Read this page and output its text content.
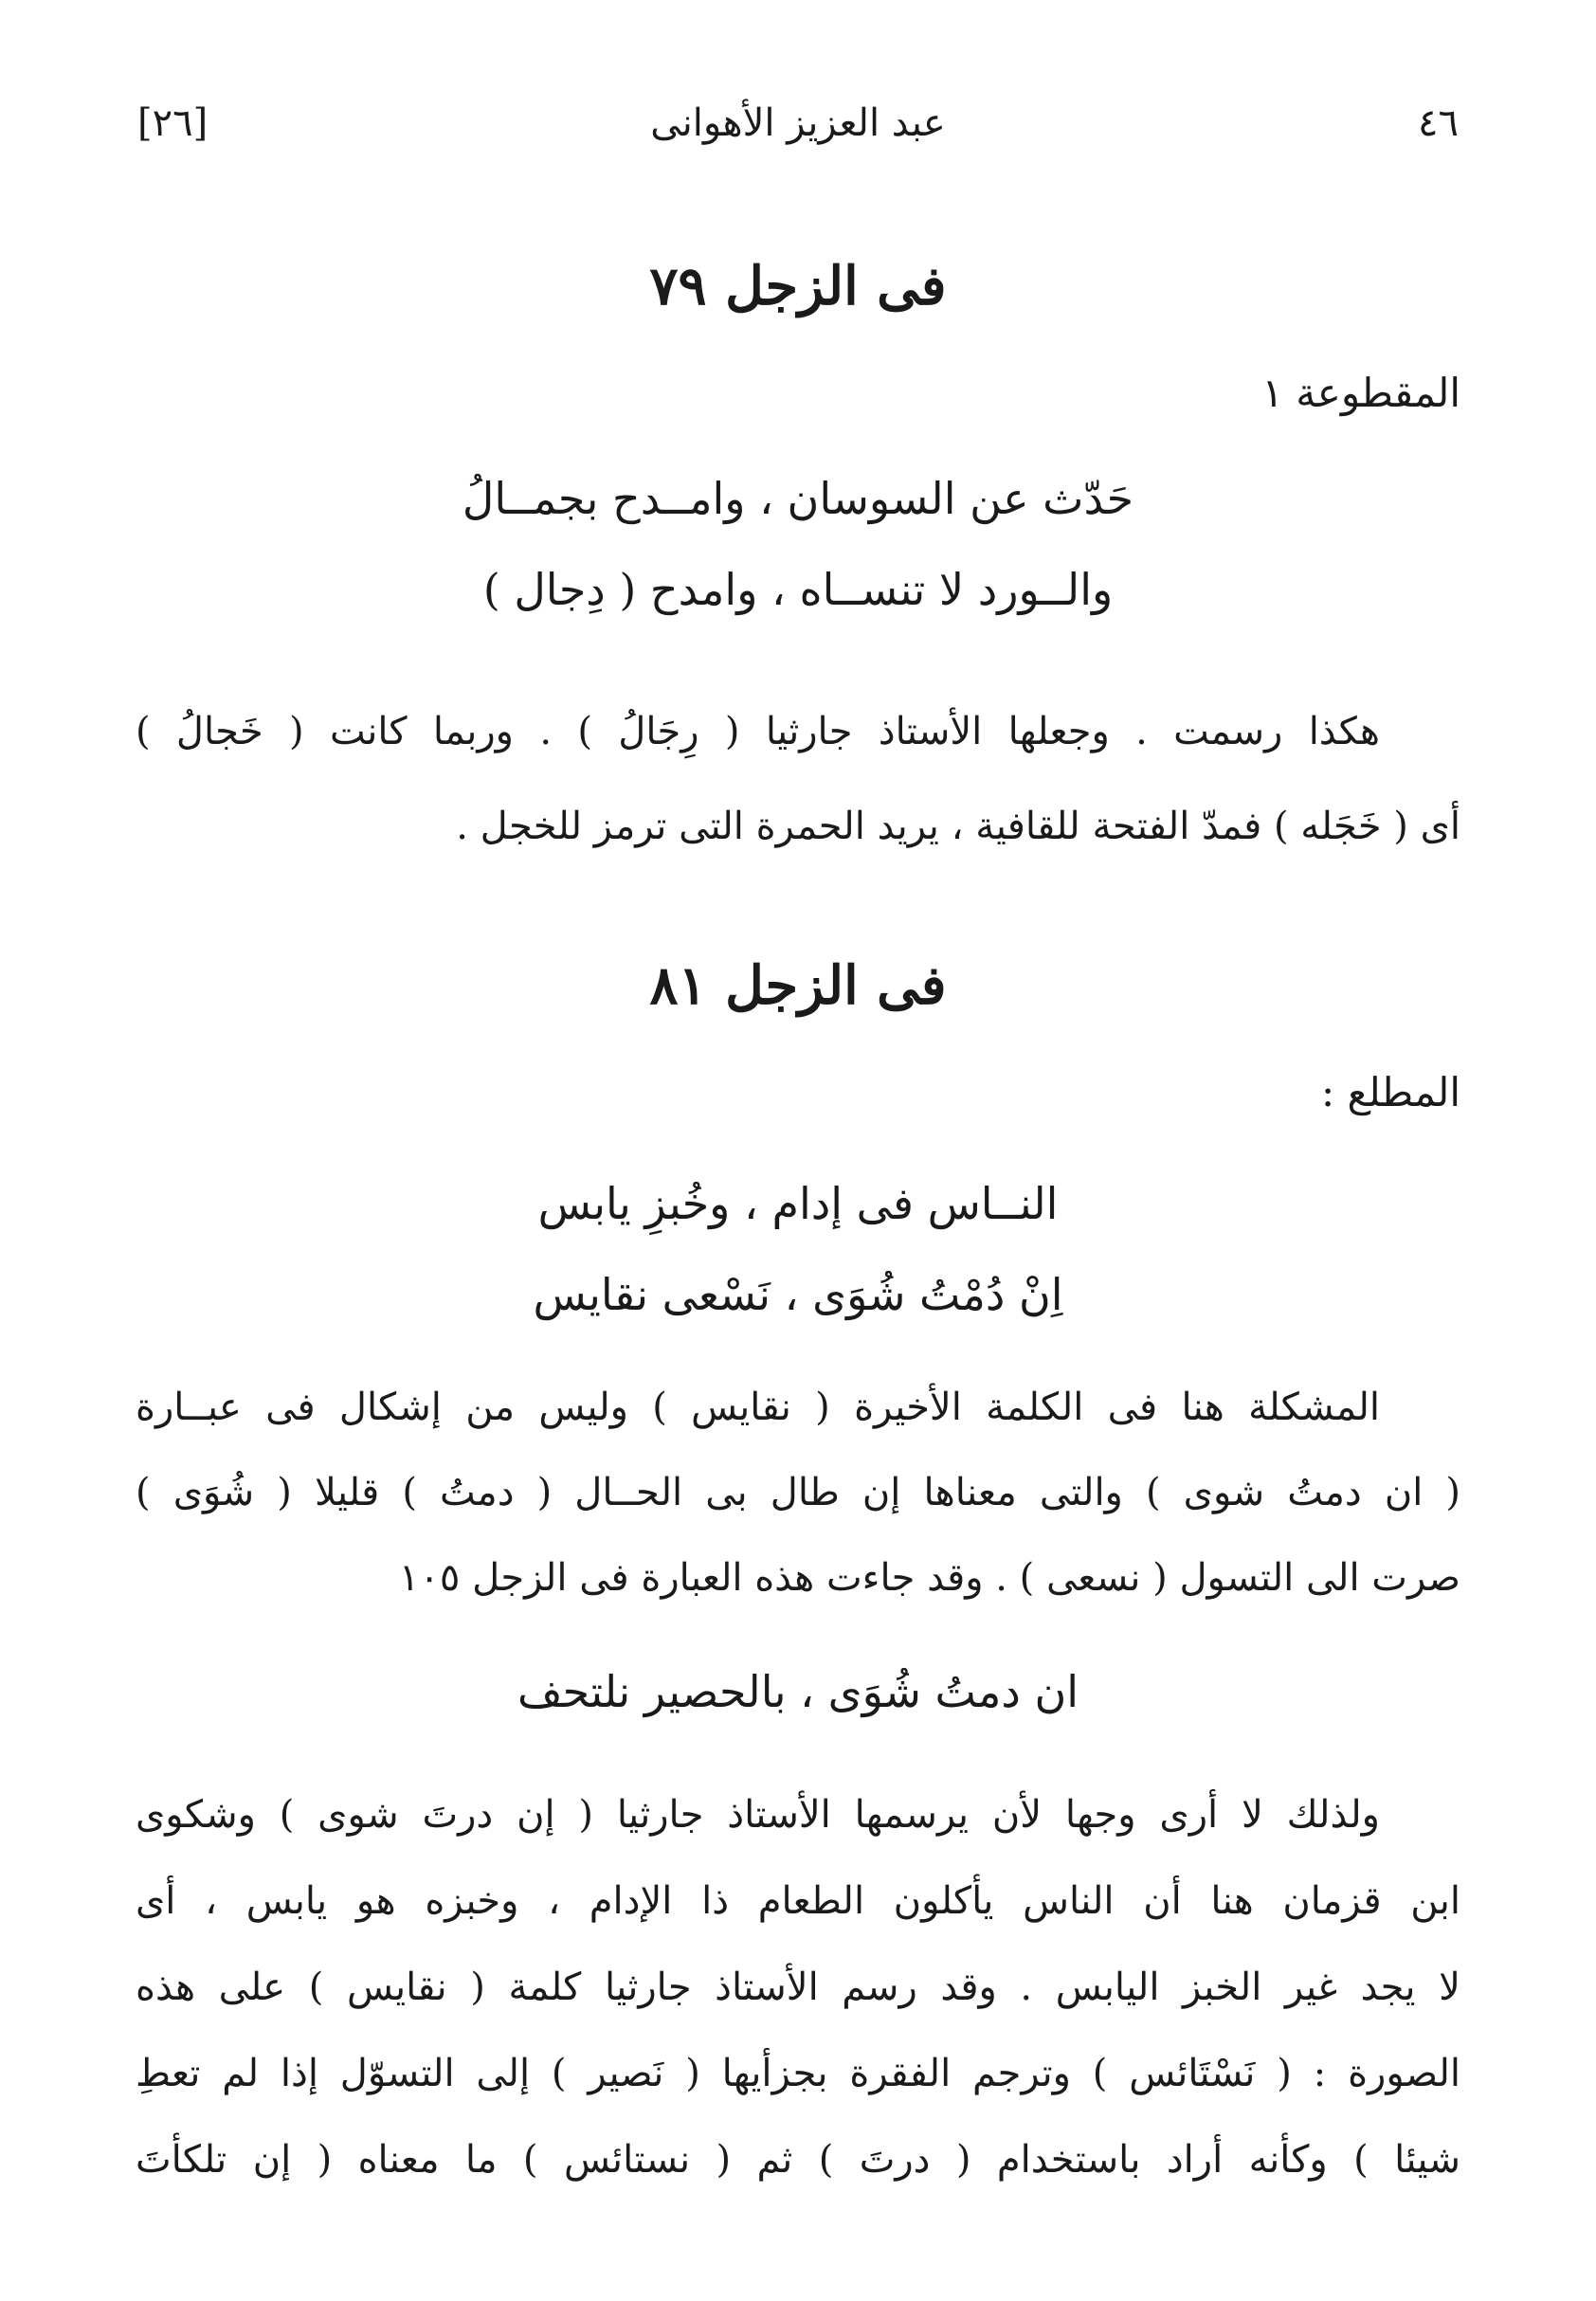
[٢٦]	عبد العزيز الأهوانى	٤٦
فى الزجل ٧٩
المقطوعة ١
حَدّث عن السوسان ، وامــدح بجمــالُ
والــورد لا تنســاه ، وامدح ( دِجال )
هكذا رسمت . وجعلها الأستاذ جارثيا ( رِجَالُ ) . وربما كانت ( خَجالُ )
أى ( خَجَله ) فمدّ الفتحة للقافية ، يريد الحمرة التى ترمز للخجل .
فى الزجل ٨١
المطلع :
النــاس فى إدام ، وخُبزِ يابس
اِنْ دُمْتُ شُوَى ، نَسْعى نقايس
المشكلة هنا فى الكلمة الأخيرة ( نقايس ) وليس من إشكال فى عبــارة
( ان دمتُ شوى ) والتى معناها إن طال بى الحــال ( دمتُ ) قليلا ( شُوَى )
صرت الى التسول ( نسعى ) . وقد جاءت هذه العبارة فى الزجل ١٠٥
ان دمتُ شُوَى ، بالحصير نلتحف
ولذلك لا أرى وجها لأن يرسمها الأستاذ جارثيا ( إن درتَ شوى ) وشكوى
ابن قزمان هنا أن الناس يأكلون الطعام ذا الإدام ، وخبزه هو يابس ، أى
لا يجد غير الخبز اليابس . وقد رسم الأستاذ جارثيا كلمة ( نقايس ) على هذه
الصورة : ( نَسْتَائس ) وترجم الفقرة بجزأيها ( نَصير ) إلى التسوّل إذا لم تعطِ
شيئا ) وكأنه أراد باستخدام ( درتَ ) ثم ( نستائس ) ما معناه ( إن تلكأتَ
